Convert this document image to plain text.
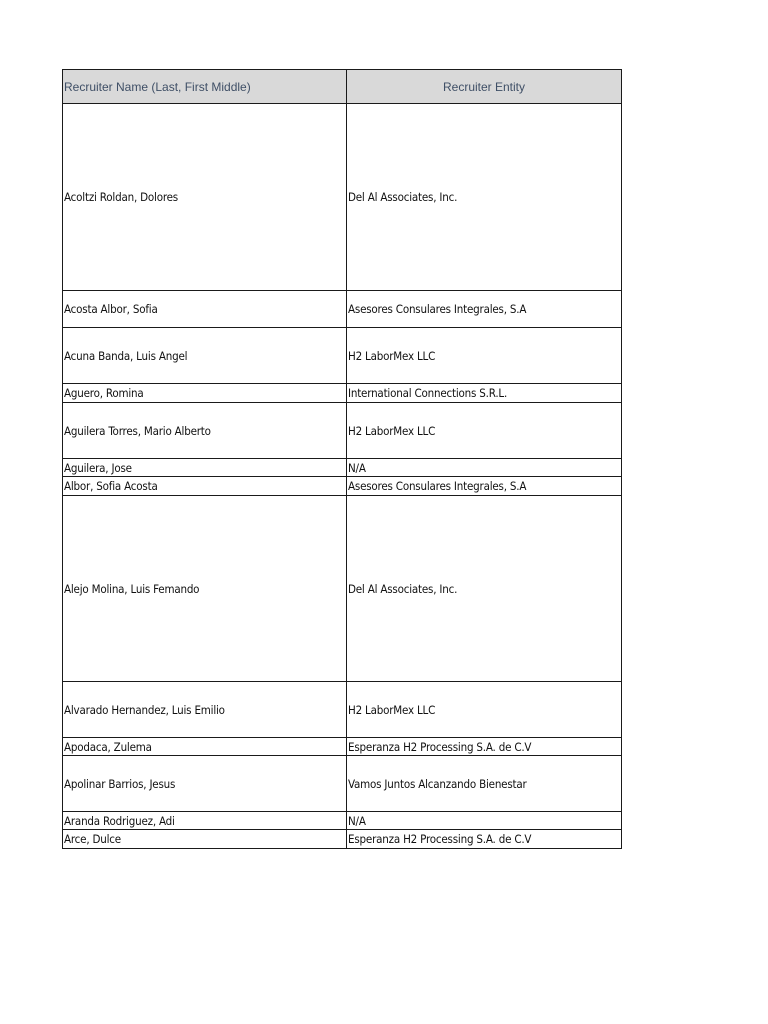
Recruiter Name (Last, First Middle)	Recruiter Entity
Acoltzi Roldan, Dolores	Del Al Associates, Inc.
Acosta Albor, Sofia	Asesores Consulares Integrales, S.A
Acuna Banda, Luis Angel	H2 LaborMex LLC
Aguero, Romina	International Connections S.R.L.
Aguilera Torres, Mario Alberto	H2 LaborMex LLC
Aguilera, Jose	N/A
Albor, Sofia Acosta	Asesores Consulares Integrales, S.A
Alejo Molina, Luis Femando	Del Al Associates, Inc.
Alvarado Hernandez, Luis Emilio	H2 LaborMex LLC
Apodaca, Zulema	Esperanza H2 Processing S.A. de C.V
Apolinar Barrios, Jesus	Vamos Juntos Alcanzando Bienestar
Aranda Rodriguez, Adi	N/A
Arce, Dulce	Esperanza H2 Processing S.A. de C.V
